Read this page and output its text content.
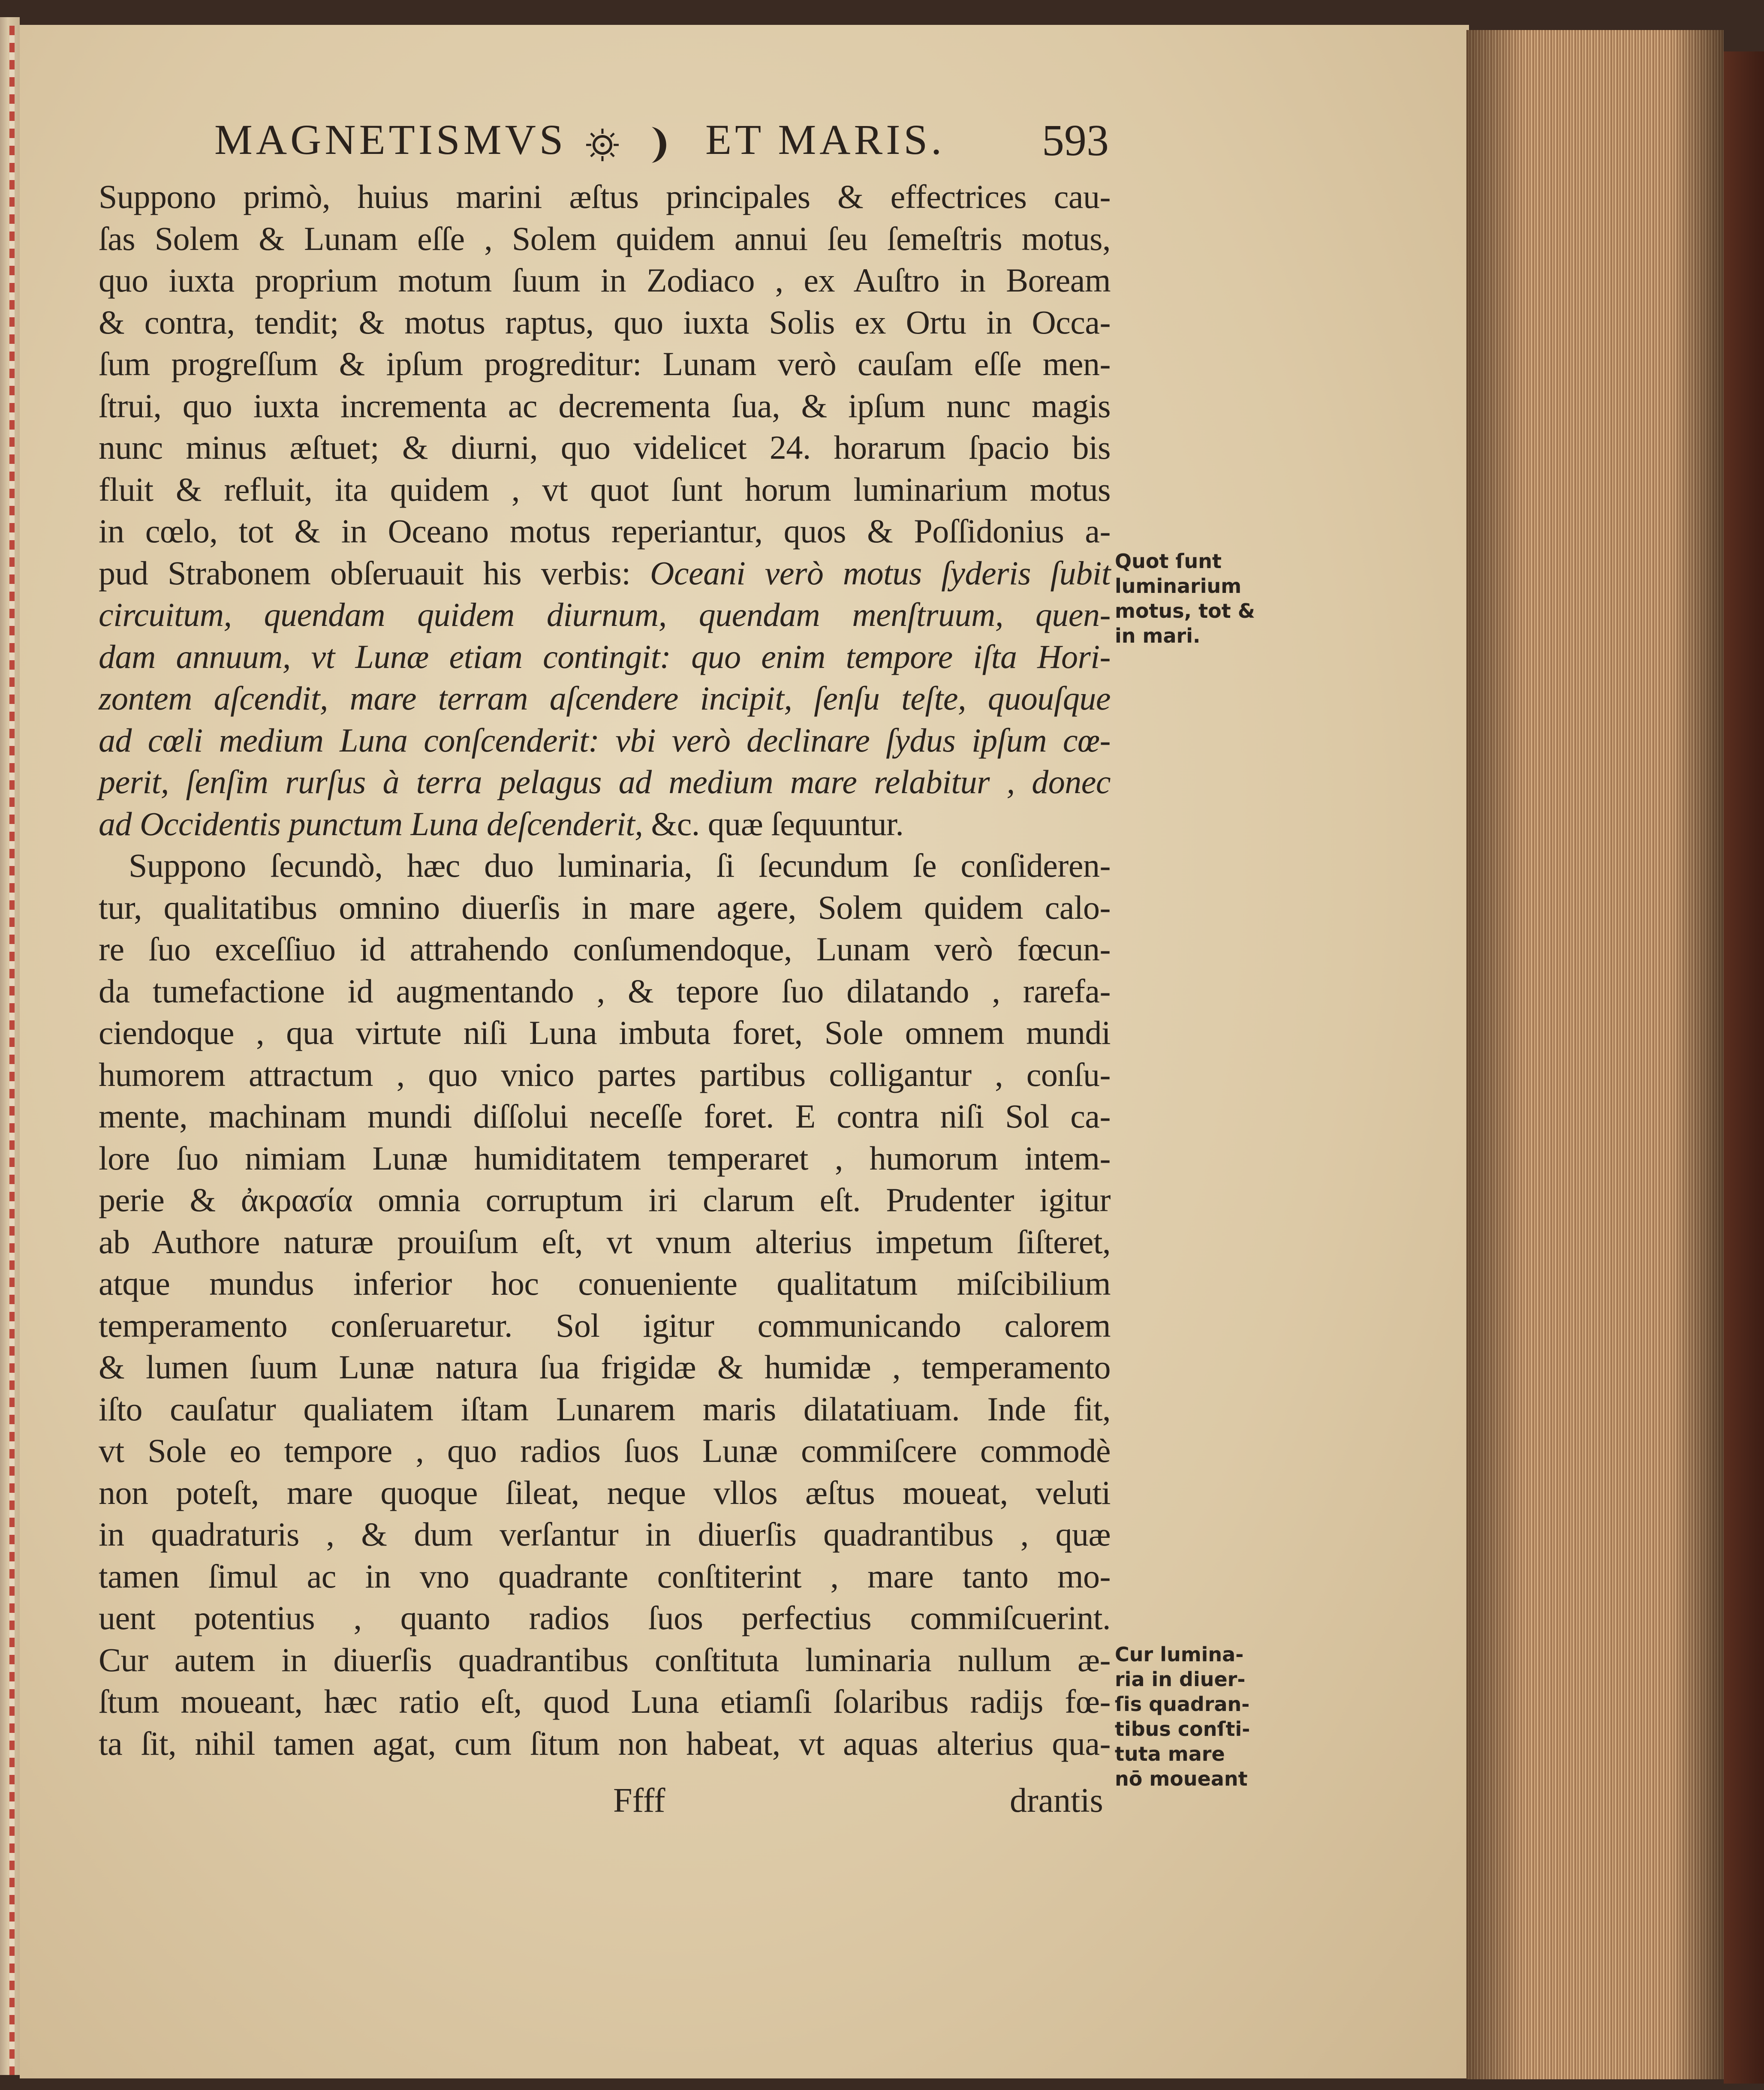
MAGNETISMVS	ET MARIS. 593
Suppono primò, huius marini æſtus principales & effectrices cau-
ſas Solem & Lunam eſſe , Solem quidem annui ſeu ſemeſtris motus,
quo iuxta proprium motum ſuum in Zodiaco , ex Auſtro in Boream
& contra, tendit; & motus raptus, quo iuxta Solis ex Ortu in Occa-
ſum progreſſum & ipſum progreditur: Lunam verò cauſam eſſe men-
ſtrui, quo iuxta incrementa ac decrementa ſua, & ipſum nunc magis
nunc minus æſtuet; & diurni, quo videlicet 24. horarum ſpacio bis
fluit & refluit, ita quidem , vt quot ſunt horum luminarium motus
in cœlo, tot & in Oceano motus reperiantur, quos & Poſſidonius a-
pud Strabonem obſeruauit his verbis: Oceani verò motus ſyderis ſubit
circuitum, quendam quidem diurnum, quendam menſtruum, quen-
dam annuum, vt Lunæ etiam contingit: quo enim tempore iſta Hori-
zontem aſcendit, mare terram aſcendere incipit, ſenſu teſte, quouſque
ad cœli medium Luna conſcenderit: vbi verò declinare ſydus ipſum cœ-
perit, ſenſim rurſus à terra pelagus ad medium mare relabitur , donec
ad Occidentis punctum Luna deſcenderit, &c. quæ ſequuntur.
Suppono ſecundò, hæc duo luminaria, ſi ſecundum ſe conſideren-
tur, qualitatibus omnino diuerſis in mare agere, Solem quidem calo-
re ſuo exceſſiuo id attrahendo conſumendoque, Lunam verò fœcun-
da tumefactione id augmentando , & tepore ſuo dilatando , rarefa-
ciendoque , qua virtute niſi Luna imbuta foret, Sole omnem mundi
humorem attractum , quo vnico partes partibus colligantur , conſu-
mente, machinam mundi diſſolui neceſſe foret. E contra niſi Sol ca-
lore ſuo nimiam Lunæ humiditatem temperaret , humorum intem-
perie & ἀκρασία omnia corruptum iri clarum eſt. Prudenter igitur
ab Authore naturæ prouiſum eſt, vt vnum alterius impetum ſiſteret,
atque mundus inferior hoc conueniente qualitatum miſcibilium
temperamento conſeruaretur. Sol igitur communicando calorem
& lumen ſuum Lunæ natura ſua frigidæ & humidæ , temperamento
iſto cauſatur qualiatem iſtam Lunarem maris dilatatiuam. Inde fit,
vt Sole eo tempore , quo radios ſuos Lunæ commiſcere commodè
non poteſt, mare quoque ſileat, neque vllos æſtus moueat, veluti
in quadraturis , & dum verſantur in diuerſis quadrantibus , quæ
tamen ſimul ac in vno quadrante conſtiterint , mare tanto mo-
uent potentius , quanto radios ſuos perfectius commiſcuerint.
Cur autem in diuerſis quadrantibus conſtituta luminaria nullum æ-
ſtum moueant, hæc ratio eſt, quod Luna etiamſi ſolaribus radijs fœ-
ta ſit, nihil tamen agat, cum ſitum non habeat, vt aquas alterius qua-
Quot ſunt
luminarium
motus, tot &
in mari.
Cur lumina-
ria in diuer-
ſis quadran-
tibus conſti-
tuta mare
nō moueant
Ffff	drantis
